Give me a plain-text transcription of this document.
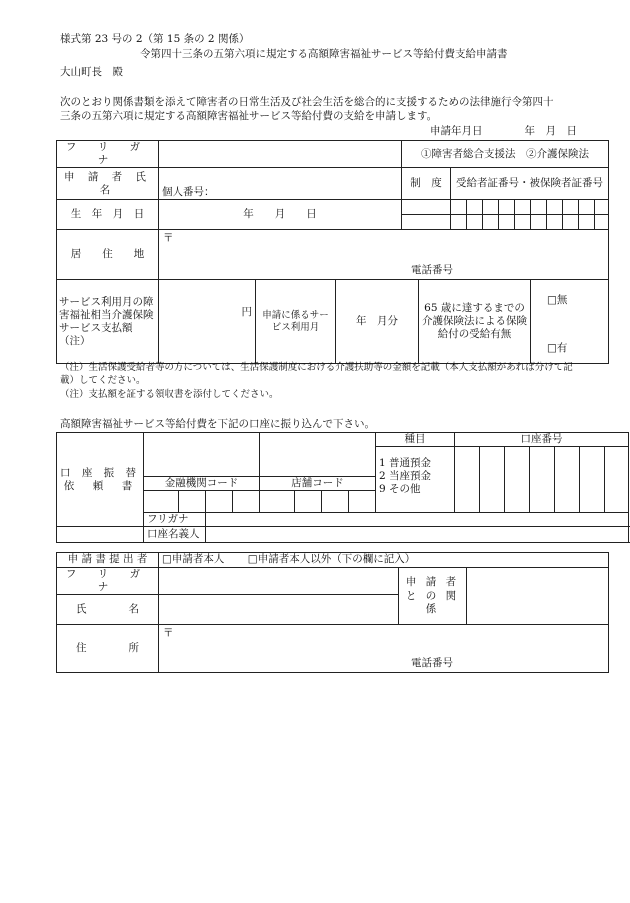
様式第 23 号の 2（第 15 条の 2 関係）
令第四十三条の五第六項に規定する高額障害福祉サービス等給付費支給申請書
大山町長　殿
次のとおり関係書類を添えて障害者の日常生活及び社会生活を総合的に支援するための法律施行令第四十
三条の五第六項に規定する高額障害福祉サービス等給付費の支給を申請します。
申請年月日　　　　年　月　日
フ リ ガ ナ				①障害者総合支援法　②介護保険法											
申 請 者 氏 名	個人番号：			制　度		受給者証番号・被保険者証番号									
生　年　月　日	年　　月　　日														

居　　住　　地	〒
電話番号														

サービス利用月の障害福祉相当介護保険サービス支払額（注）	円	申請に係るサービス利用月	年　月分		65 歳に達するまでの介護保険法による保険給付の受給有無						□無
□有				
（注）生活保護受給者等の方については、生活保護制度における介護扶助等の金額を記載（本人支払額があれば分けて記
載）してください。
（注）支払額を証する領収書を添付してください。
高額障害福祉サービス等給付費を下記の口座に振り込んで下さい。
口 座 振 替 依　頼　書									種目	口座番号						

									1 普通預金
2 当座預金
9 その他							

	金融機関コード				店舗コード											

	フリガナ															
	口座名義人															
申 請 書 提 出 者	□申請者本人 □申請者本人以外（下の欄に記入）		
フ リ ガ ナ		申 請 者 と の 関 係	
氏　　　　名			
住　　　　所	〒
電話番号		
